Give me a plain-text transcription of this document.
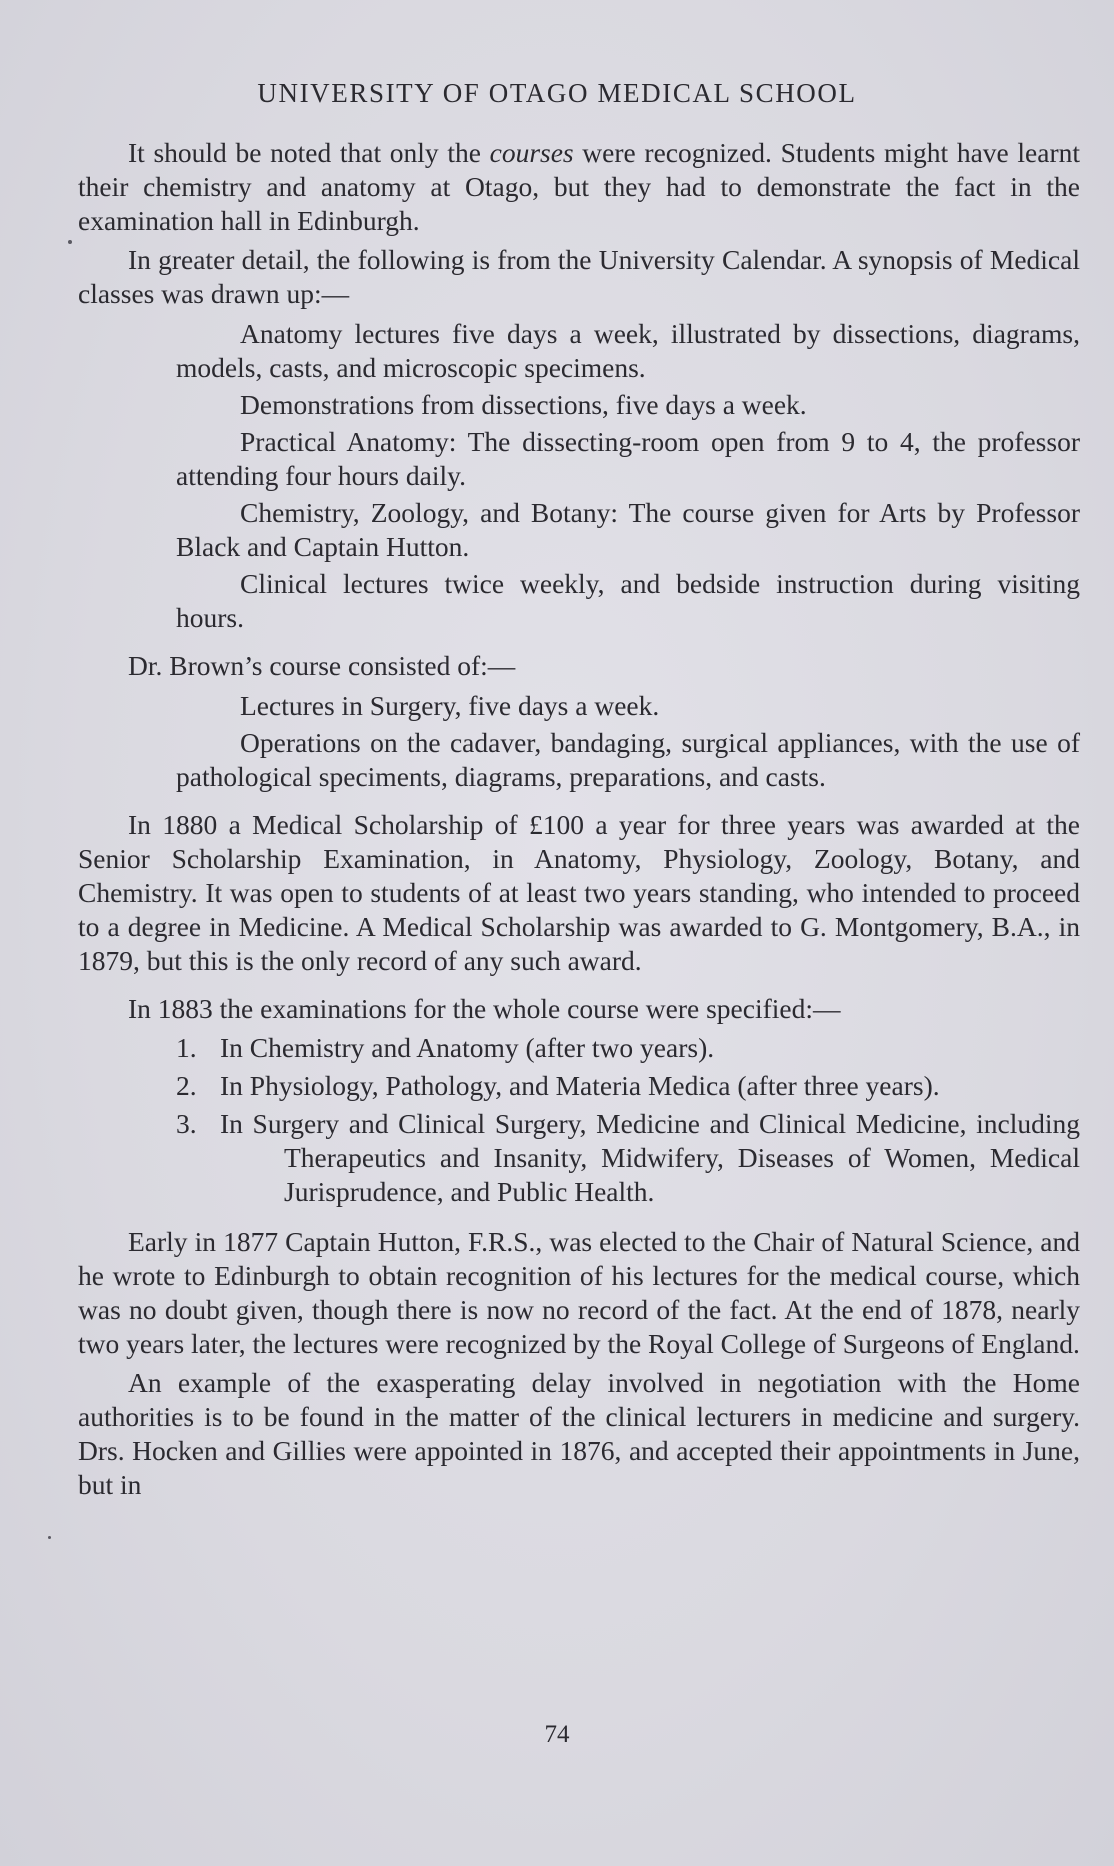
UNIVERSITY OF OTAGO MEDICAL SCHOOL

It should be noted that only the courses were recognized. Students might have learnt their chemistry and anatomy at Otago, but they had to demonstrate the fact in the examination hall in Edinburgh.

In greater detail, the following is from the University Calendar. A synopsis of Medical classes was drawn up:—

Anatomy lectures five days a week, illustrated by dissections, diagrams, models, casts, and microscopic specimens.

Demonstrations from dissections, five days a week.

Practical Anatomy: The dissecting-room open from 9 to 4, the professor attending four hours daily.

Chemistry, Zoology, and Botany: The course given for Arts by Professor Black and Captain Hutton.

Clinical lectures twice weekly, and bedside instruction during visiting hours.

Dr. Brown’s course consisted of:—

Lectures in Surgery, five days a week.

Operations on the cadaver, bandaging, surgical appliances, with the use of pathological speciments, diagrams, preparations, and casts.

In 1880 a Medical Scholarship of £100 a year for three years was awarded at the Senior Scholarship Examination, in Anatomy, Physiology, Zoology, Botany, and Chemistry. It was open to students of at least two years standing, who intended to proceed to a degree in Medicine. A Medical Scholarship was awarded to G. Montgomery, B.A., in 1879, but this is the only record of any such award.

In 1883 the examinations for the whole course were specified:—

1. In Chemistry and Anatomy (after two years).

2. In Physiology, Pathology, and Materia Medica (after three years).

3. In Surgery and Clinical Surgery, Medicine and Clinical Medicine, including Therapeutics and Insanity, Midwifery, Diseases of Women, Medical Jurisprudence, and Public Health.

Early in 1877 Captain Hutton, F.R.S., was elected to the Chair of Natural Science, and he wrote to Edinburgh to obtain recognition of his lectures for the medical course, which was no doubt given, though there is now no record of the fact. At the end of 1878, nearly two years later, the lectures were recognized by the Royal College of Surgeons of England.

An example of the exasperating delay involved in negotiation with the Home authorities is to be found in the matter of the clinical lecturers in medicine and surgery. Drs. Hocken and Gillies were appointed in 1876, and accepted their appointments in June, but in

74
